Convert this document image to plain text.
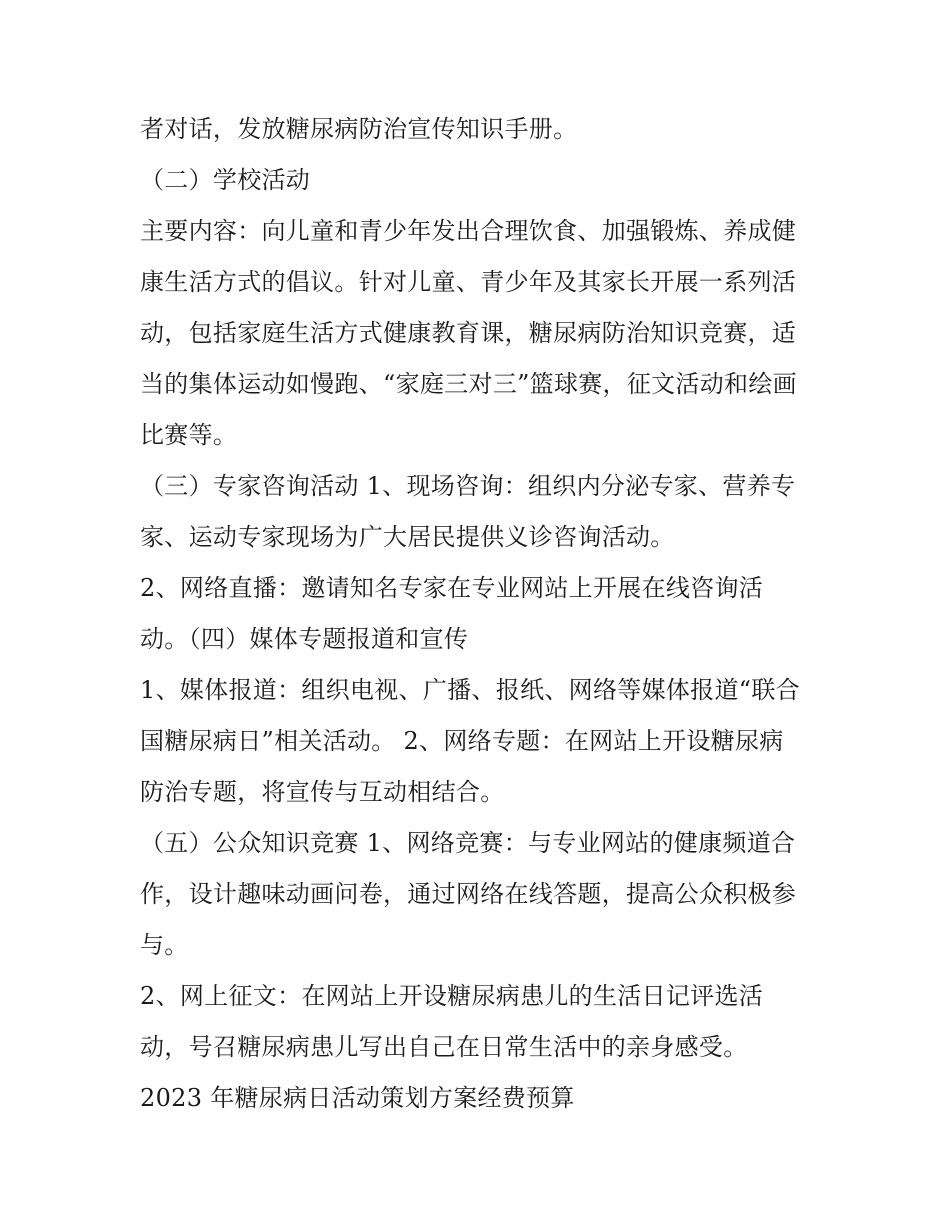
者对话，发放糖尿病防治宣传知识手册。
（二）学校活动
主要内容：向儿童和青少年发出合理饮食、加强锻炼、养成健
康生活方式的倡议。针对儿童、青少年及其家长开展一系列活
动，包括家庭生活方式健康教育课，糖尿病防治知识竞赛，适
当的集体运动如慢跑、“家庭三对三”篮球赛，征文活动和绘画
比赛等。
（三）专家咨询活动 1、现场咨询：组织内分泌专家、营养专
家、运动专家现场为广大居民提供义诊咨询活动。
2、网络直播：邀请知名专家在专业网站上开展在线咨询活
动。（四）媒体专题报道和宣传
1、媒体报道：组织电视、广播、报纸、网络等媒体报道“联合
国糖尿病日”相关活动。 2、网络专题：在网站上开设糖尿病
防治专题，将宣传与互动相结合。
（五）公众知识竞赛 1、网络竞赛：与专业网站的健康频道合
作，设计趣味动画问卷，通过网络在线答题，提高公众积极参
与。
2、网上征文：在网站上开设糖尿病患儿的生活日记评选活
动，号召糖尿病患儿写出自己在日常生活中的亲身感受。
2023 年糖尿病日活动策划方案经费预算
